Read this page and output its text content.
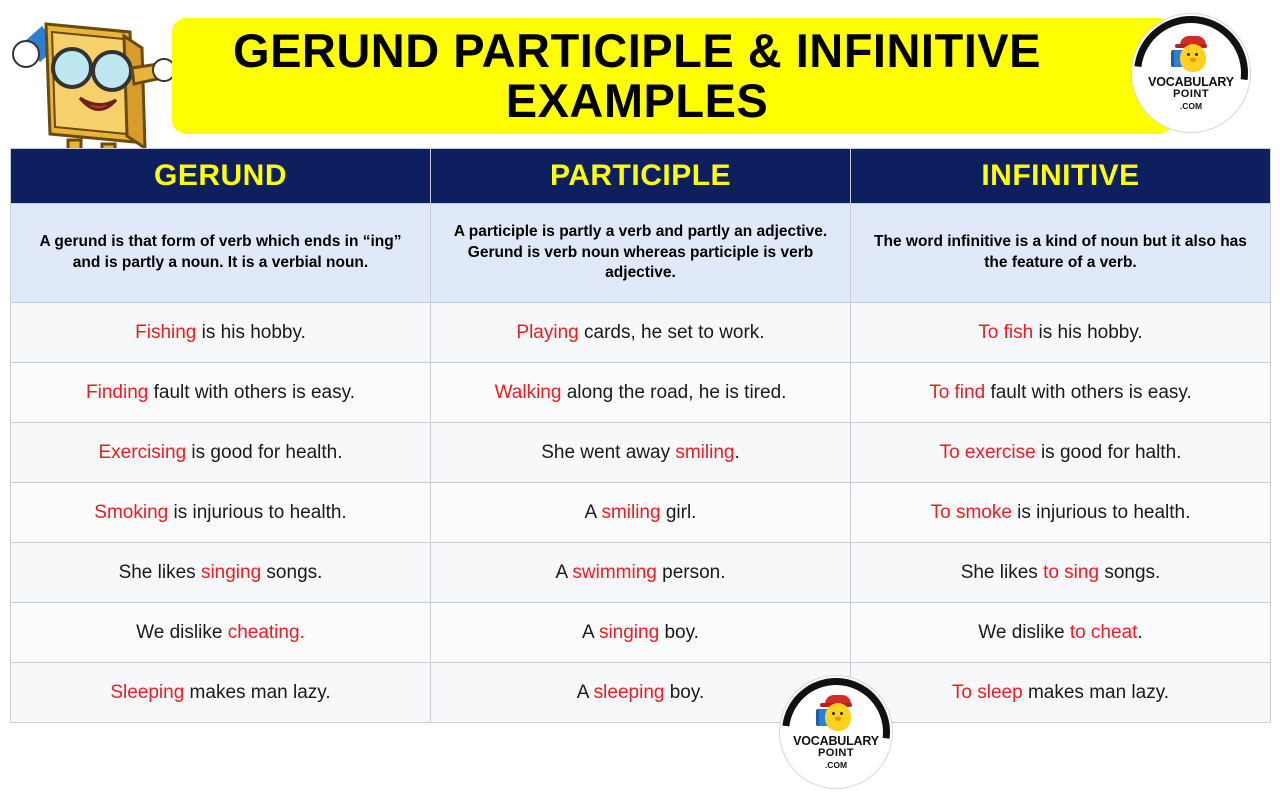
GERUND PARTICIPLE & INFINITIVE EXAMPLES	VOCABULARY
POINT
.COM
GERUND	PARTICIPLE	INFINITIVE
A gerund is that form of verb which ends in “ing” and is partly a noun. It is a verbial noun.	A participle is partly a verb and partly an adjective. Gerund is verb noun whereas participle is verb adjective.	The word infinitive is a kind of noun but it also has the feature of a verb.
Fishing is his hobby.	Playing cards, he set to work.	To fish is his hobby.
Finding fault with others is easy.	Walking along the road, he is tired.	To find fault with others is easy.
Exercising is good for health.	She went away smiling.	To exercise is good for halth.
Smoking is injurious to health.	A smiling girl.	To smoke is injurious to health.
She likes singing songs.	A swimming person.	She likes to sing songs.
We dislike cheating.	A singing boy.	We dislike to cheat.
Sleeping makes man lazy.	A sleeping boy.	To sleep makes man lazy.
VOCABULARY
POINT
.COM
